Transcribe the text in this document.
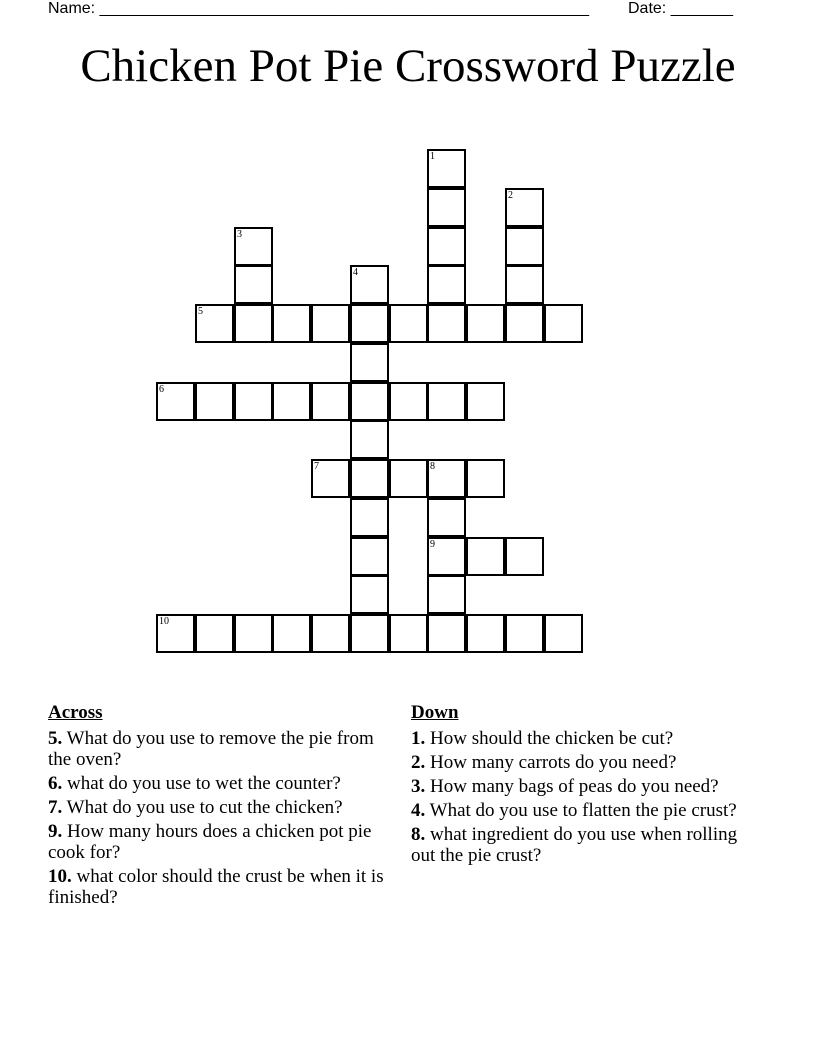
Name: _______________________________________________________ Date: _______
Chicken Pot Pie Crossword Puzzle
1
2
3
4
5
6
7	8
9
10
Across
5. What do you use to remove the pie from the oven?
6. what do you use to wet the counter?
7. What do you use to cut the chicken?
9. How many hours does a chicken pot pie cook for?
10. what color should the crust be when it is finished?
Down
1. How should the chicken be cut?
2. How many carrots do you need?
3. How many bags of peas do you need?
4. What do you use to flatten the pie crust?
8. what ingredient do you use when rolling out the pie crust?
